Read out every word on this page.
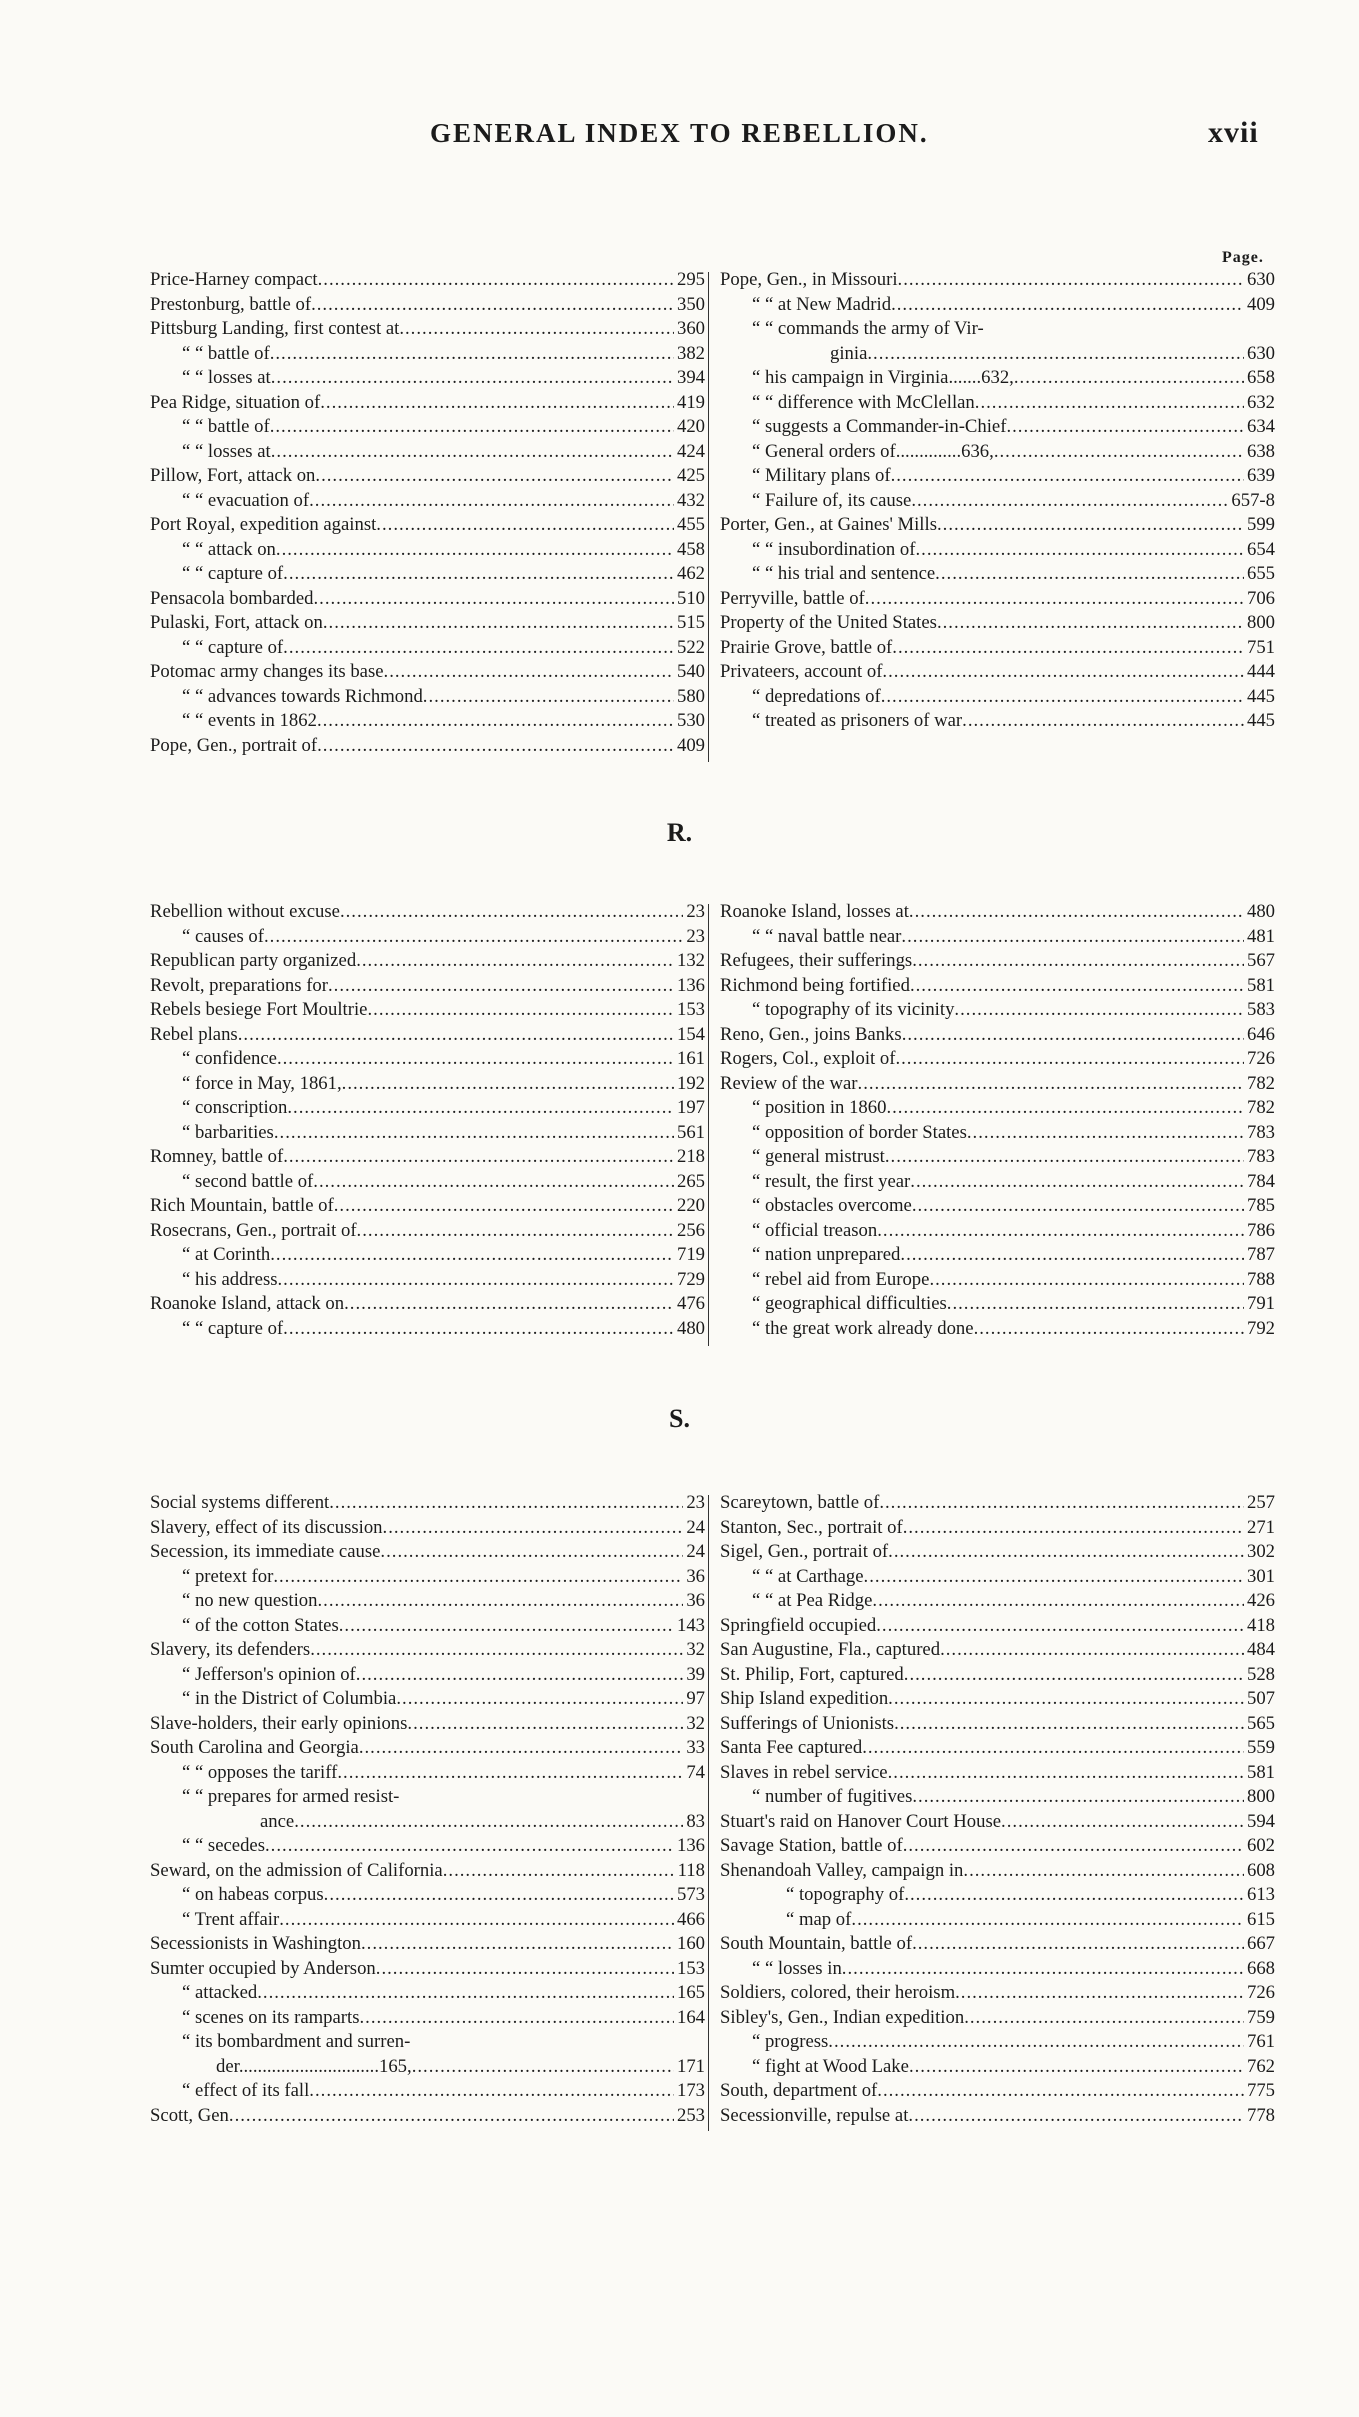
GENERAL INDEX TO REBELLION.	xvii
Page.
Price-Harney compact .....	295
Prestonburg, battle of .....	350
Pittsburg Landing, first contest at .....	360
“ “ battle of .....	382
“ “ losses at .....	394
Pea Ridge, situation of .....	419
“ “ battle of .....	420
“ “ losses at .....	424
Pillow, Fort, attack on .....	425
“ “ evacuation of .....	432
Port Royal, expedition against .....	455
“ “ attack on .....	458
“ “ capture of .....	462
Pensacola bombarded .....	510
Pulaski, Fort, attack on .....	515
“ “ capture of .....	522
Potomac army changes its base .....	540
“ “ advances towards Richmond .....	580
“ “ events in 1862 .....	530
Pope, Gen., portrait of .....	409
Pope, Gen., in Missouri .....	630
“ “ at New Madrid .....	409
“ “ commands the army of Vir-
ginia .....	630
“ his campaign in Virginia.......632, .....	658
“ “ difference with McClellan .....	632
“ suggests a Commander-in-Chief .....	634
“ General orders of..............636, .....	638
“ Military plans of .....	639
“ Failure of, its cause .....	657-8
Porter, Gen., at Gaines' Mills .....	599
“ “ insubordination of .....	654
“ “ his trial and sentence .....	655
Perryville, battle of .....	706
Property of the United States .....	800
Prairie Grove, battle of .....	751
Privateers, account of .....	444
“ depredations of .....	445
“ treated as prisoners of war .....	445
R.
Rebellion without excuse .....	23
“ causes of .....	23
Republican party organized .....	132
Revolt, preparations for .....	136
Rebels besiege Fort Moultrie .....	153
Rebel plans .....	154
“ confidence .....	161
“ force in May, 1861, .....	192
“ conscription .....	197
“ barbarities .....	561
Romney, battle of .....	218
“ second battle of .....	265
Rich Mountain, battle of .....	220
Rosecrans, Gen., portrait of .....	256
“ at Corinth .....	719
“ his address .....	729
Roanoke Island, attack on .....	476
“ “ capture of .....	480
Roanoke Island, losses at .....	480
“ “ naval battle near .....	481
Refugees, their sufferings .....	567
Richmond being fortified .....	581
“ topography of its vicinity .....	583
Reno, Gen., joins Banks .....	646
Rogers, Col., exploit of .....	726
Review of the war .....	782
“ position in 1860 .....	782
“ opposition of border States .....	783
“ general mistrust .....	783
“ result, the first year .....	784
“ obstacles overcome .....	785
“ official treason .....	786
“ nation unprepared .....	787
“ rebel aid from Europe .....	788
“ geographical difficulties .....	791
“ the great work already done .....	792
S.
Social systems different .....	23
Slavery, effect of its discussion .....	24
Secession, its immediate cause .....	24
“ pretext for .....	36
“ no new question .....	36
“ of the cotton States .....	143
Slavery, its defenders .....	32
“ Jefferson's opinion of .....	39
“ in the District of Columbia .....	97
Slave-holders, their early opinions .....	32
South Carolina and Georgia .....	33
“ “ opposes the tariff .....	74
“ “ prepares for armed resist-
ance .....	83
“ “ secedes .....	136
Seward, on the admission of California .....	118
“ on habeas corpus .....	573
“ Trent affair .....	466
Secessionists in Washington .....	160
Sumter occupied by Anderson .....	153
“ attacked .....	165
“ scenes on its ramparts .....	164
“ its bombardment and surren-
der..............................165, .....	171
“ effect of its fall .....	173
Scott, Gen .....	253
Scareytown, battle of .....	257
Stanton, Sec., portrait of .....	271
Sigel, Gen., portrait of .....	302
“ “ at Carthage .....	301
“ “ at Pea Ridge .....	426
Springfield occupied .....	418
San Augustine, Fla., captured .....	484
St. Philip, Fort, captured .....	528
Ship Island expedition .....	507
Sufferings of Unionists .....	565
Santa Fee captured .....	559
Slaves in rebel service .....	581
“ number of fugitives .....	800
Stuart's raid on Hanover Court House .....	594
Savage Station, battle of .....	602
Shenandoah Valley, campaign in .....	608
“ topography of .....	613
“ map of .....	615
South Mountain, battle of .....	667
“ “ losses in .....	668
Soldiers, colored, their heroism .....	726
Sibley's, Gen., Indian expedition .....	759
“ progress .....	761
“ fight at Wood Lake .....	762
South, department of .....	775
Secessionville, repulse at .....	778
